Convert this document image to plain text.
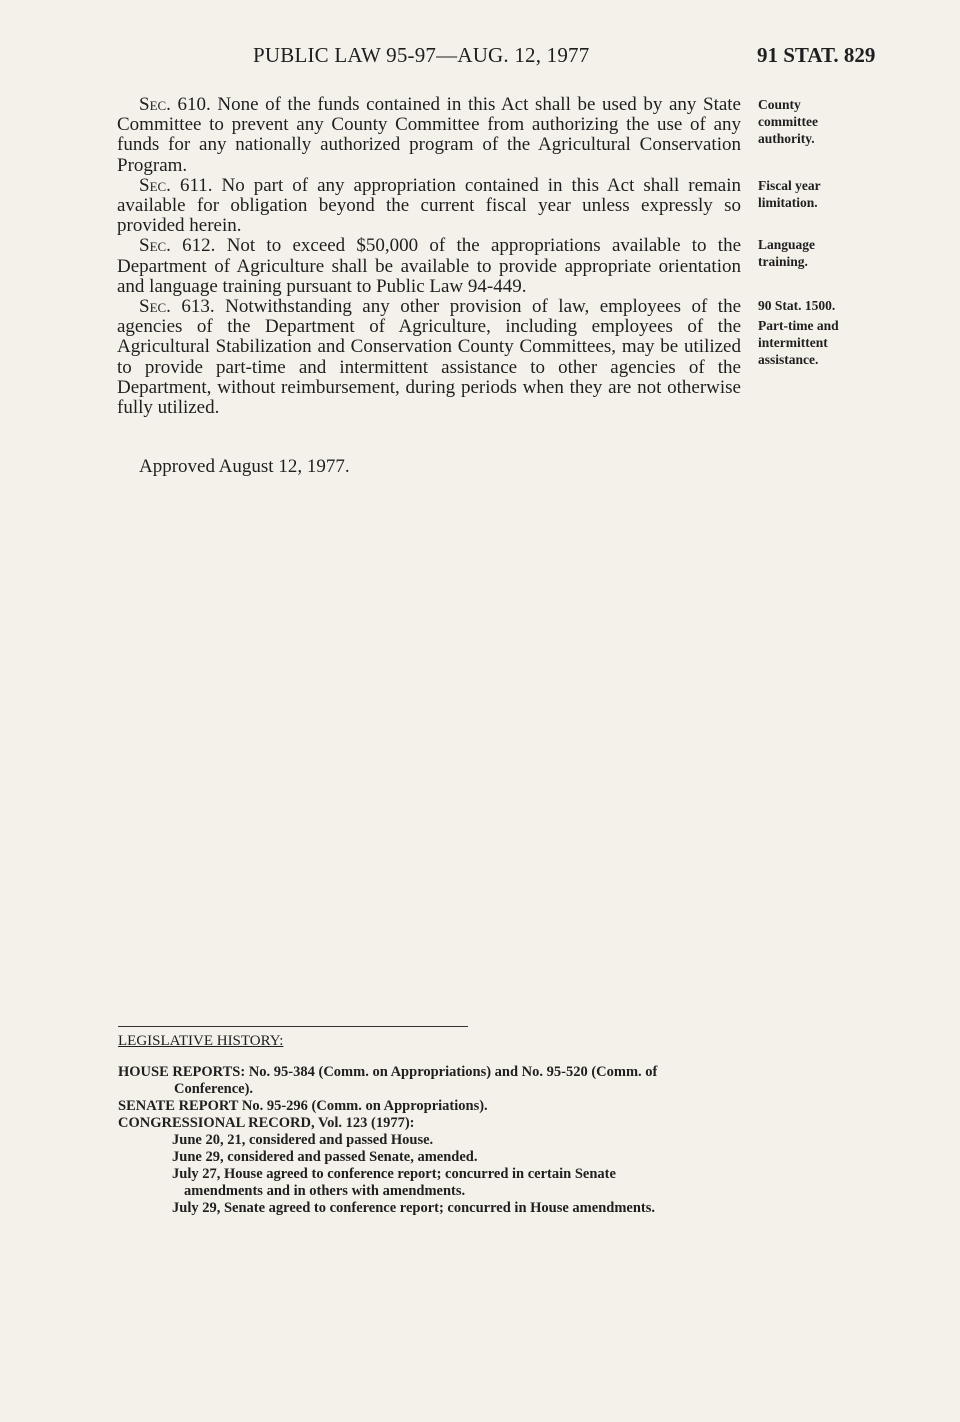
PUBLIC LAW 95-97—AUG. 12, 1977	91 STAT. 829

Sec. 610. None of the funds contained in this Act shall be used by any State Committee to prevent any County Committee from authorizing the use of any funds for any nationally authorized program of the Agricultural Conservation Program.

Sec. 611. No part of any appropriation contained in this Act shall remain available for obligation beyond the current fiscal year unless expressly so provided herein.

Sec. 612. Not to exceed $50,000 of the appropriations available to the Department of Agriculture shall be available to provide appropriate orientation and language training pursuant to Public Law 94-449.

Sec. 613. Notwithstanding any other provision of law, employees of the agencies of the Department of Agriculture, including employees of the Agricultural Stabilization and Conservation County Committees, may be utilized to provide part-time and intermittent assistance to other agencies of the Department, without reimbursement, during periods when they are not otherwise fully utilized.

Approved August 12, 1977.
County
committee
authority.
Fiscal year
limitation.
Language
training.
90 Stat. 1500.
Part-time and
intermittent
assistance.

LEGISLATIVE HISTORY:

HOUSE REPORTS: No. 95-384 (Comm. on Appropriations) and No. 95-520 (Comm. of

Conference).

SENATE REPORT No. 95-296 (Comm. on Appropriations).

CONGRESSIONAL RECORD, Vol. 123 (1977):

June 20, 21, considered and passed House.

June 29, considered and passed Senate, amended.

July 27, House agreed to conference report; concurred in certain Senate

amendments and in others with amendments.

July 29, Senate agreed to conference report; concurred in House amendments.
